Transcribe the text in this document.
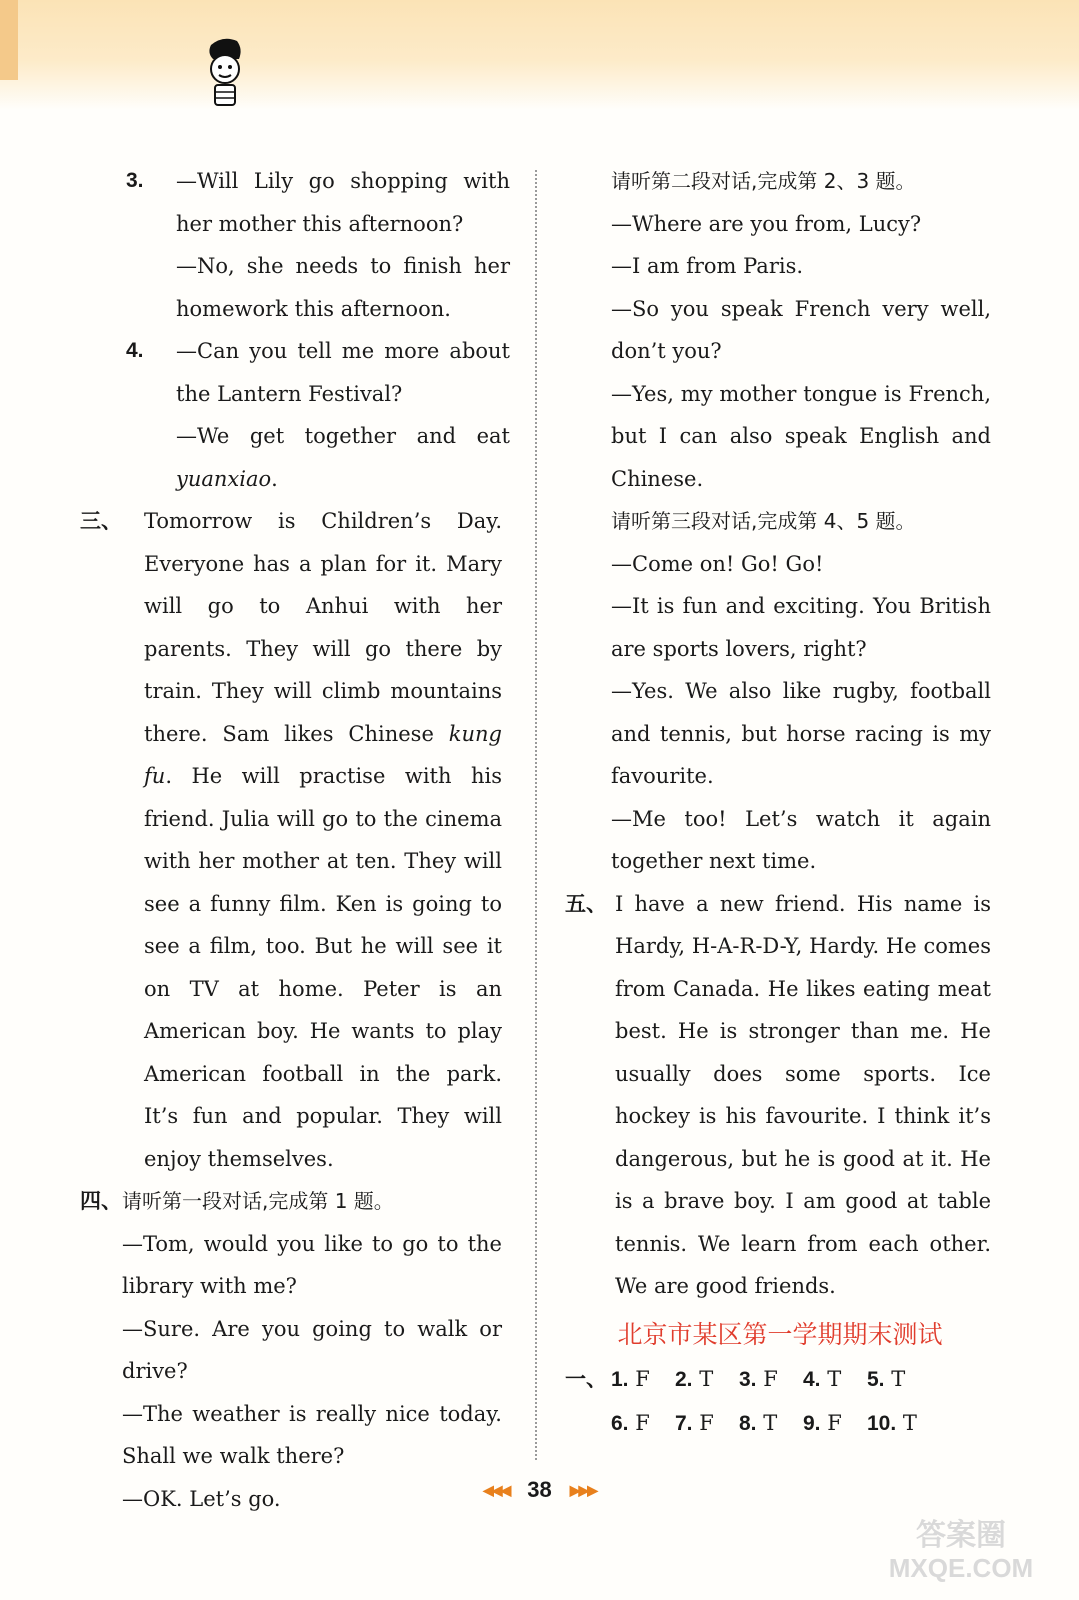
3.	—Will Lily go shopping with her mother this afternoon?

—No, she needs to finish her homework this afternoon.

4.	—Can you tell me more about the Lantern Festival?

—We get together and eat yuanxiao.

三、	Tomorrow is Children’s Day. Everyone has a plan for it. Mary will go to Anhui with her parents. They will go there by train. They will climb mountains there. Sam likes Chinese kung fu. He will practise with his friend. Julia will go to the cinema with her mother at ten. They will see a funny film. Ken is going to see a film, too. But he will see it on TV at home. Peter is an American boy. He wants to play American football in the park. It’s fun and popular. They will enjoy themselves.

四、 请听第一段对话,完成第 1 题。

—Tom, would you like to go to the library with me?

—Sure. Are you going to walk or drive?

—The weather is really nice today. Shall we walk there?

—OK. Let’s go.

请听第二段对话,完成第 2、3 题。

—Where are you from, Lucy?

—I am from Paris.

—So you speak French very well, don’t you?

—Yes, my mother tongue is French, but I can also speak English and Chinese.

请听第三段对话,完成第 4、5 题。

—Come on! Go! Go!

—It is fun and exciting. You British are sports lovers, right?

—Yes. We also like rugby, football and tennis, but horse racing is my favourite.

—Me too! Let’s watch it again together next time.

五、 I have a new friend. His name is Hardy, H-A-R-D-Y, Hardy. He comes from Canada. He likes eating meat best. He is stronger than me. He usually does some sports. Ice hockey is his favourite. I think it’s dangerous, but he is good at it. He is a brave boy. I am good at table tennis. We learn from each other. We are good friends.

北京市某区第一学期期末测试
一、 1. F	2. T	3. F	4. T	5. T
6. F	7. F	8. T	9. F	10. T
◀◀◀ 38 ▶▶▶
答案圈
MXQE.COM
